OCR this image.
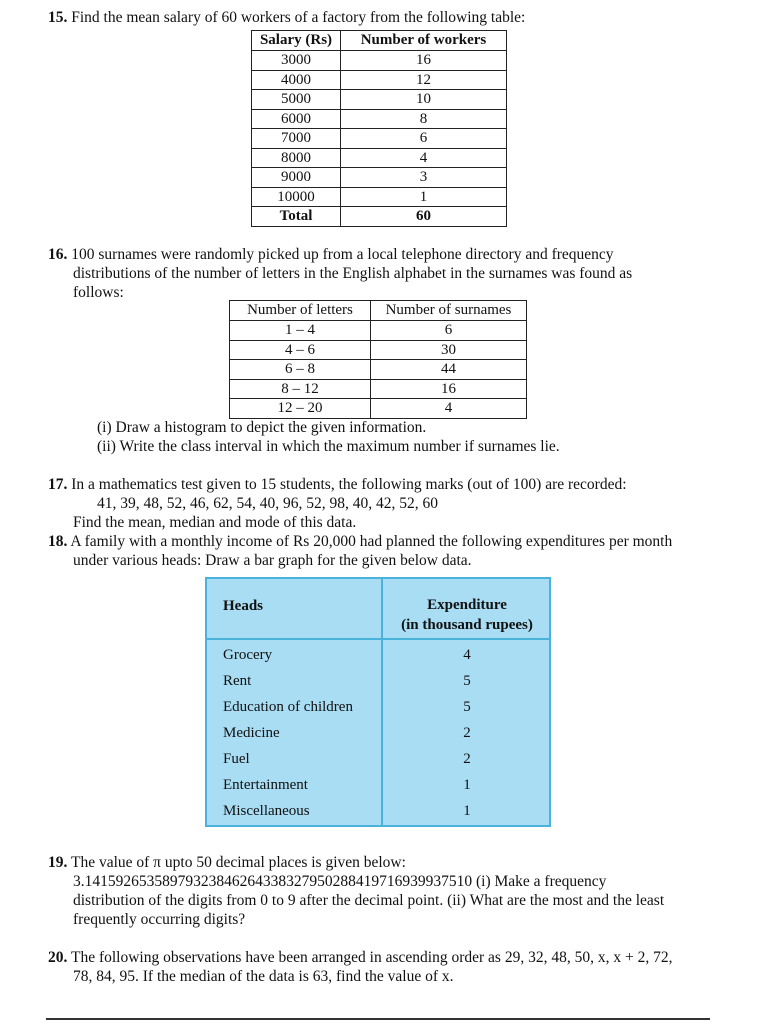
15. Find the mean salary of 60 workers of a factory from the following table:
Salary (Rs)	Number of workers
3000	16
4000	12
5000	10
6000	8
7000	6
8000	4
9000	3
10000	1
Total	60
16. 100 surnames were randomly picked up from a local telephone directory and frequency
distributions of the number of letters in the English alphabet in the surnames was found as
follows:
Number of letters	Number of surnames
1 – 4	6
4 – 6	30
6 – 8	44
8 – 12	16
12 – 20	4
(i) Draw a histogram to depict the given information.
(ii) Write the class interval in which the maximum number if surnames lie.
17. In a mathematics test given to 15 students, the following marks (out of 100) are recorded:
41, 39, 48, 52, 46, 62, 54, 40, 96, 52, 98, 40, 42, 52, 60
Find the mean, median and mode of this data.
18. A family with a monthly income of Rs 20,000 had planned the following expenditures per month
under various heads: Draw a bar graph for the given below data.
Heads	Expenditure
(in thousand rupees)
Grocery	4
Rent	5
Education of children	5
Medicine	2
Fuel	2
Entertainment	1
Miscellaneous	1
19. The value of π upto 50 decimal places is given below:
3.14159265358979323846264338327950288419716939937510 (i) Make a frequency
distribution of the digits from 0 to 9 after the decimal point. (ii) What are the most and the least
frequently occurring digits?
20. The following observations have been arranged in ascending order as 29, 32, 48, 50, x, x + 2, 72,
78, 84, 95. If the median of the data is 63, find the value of x.
